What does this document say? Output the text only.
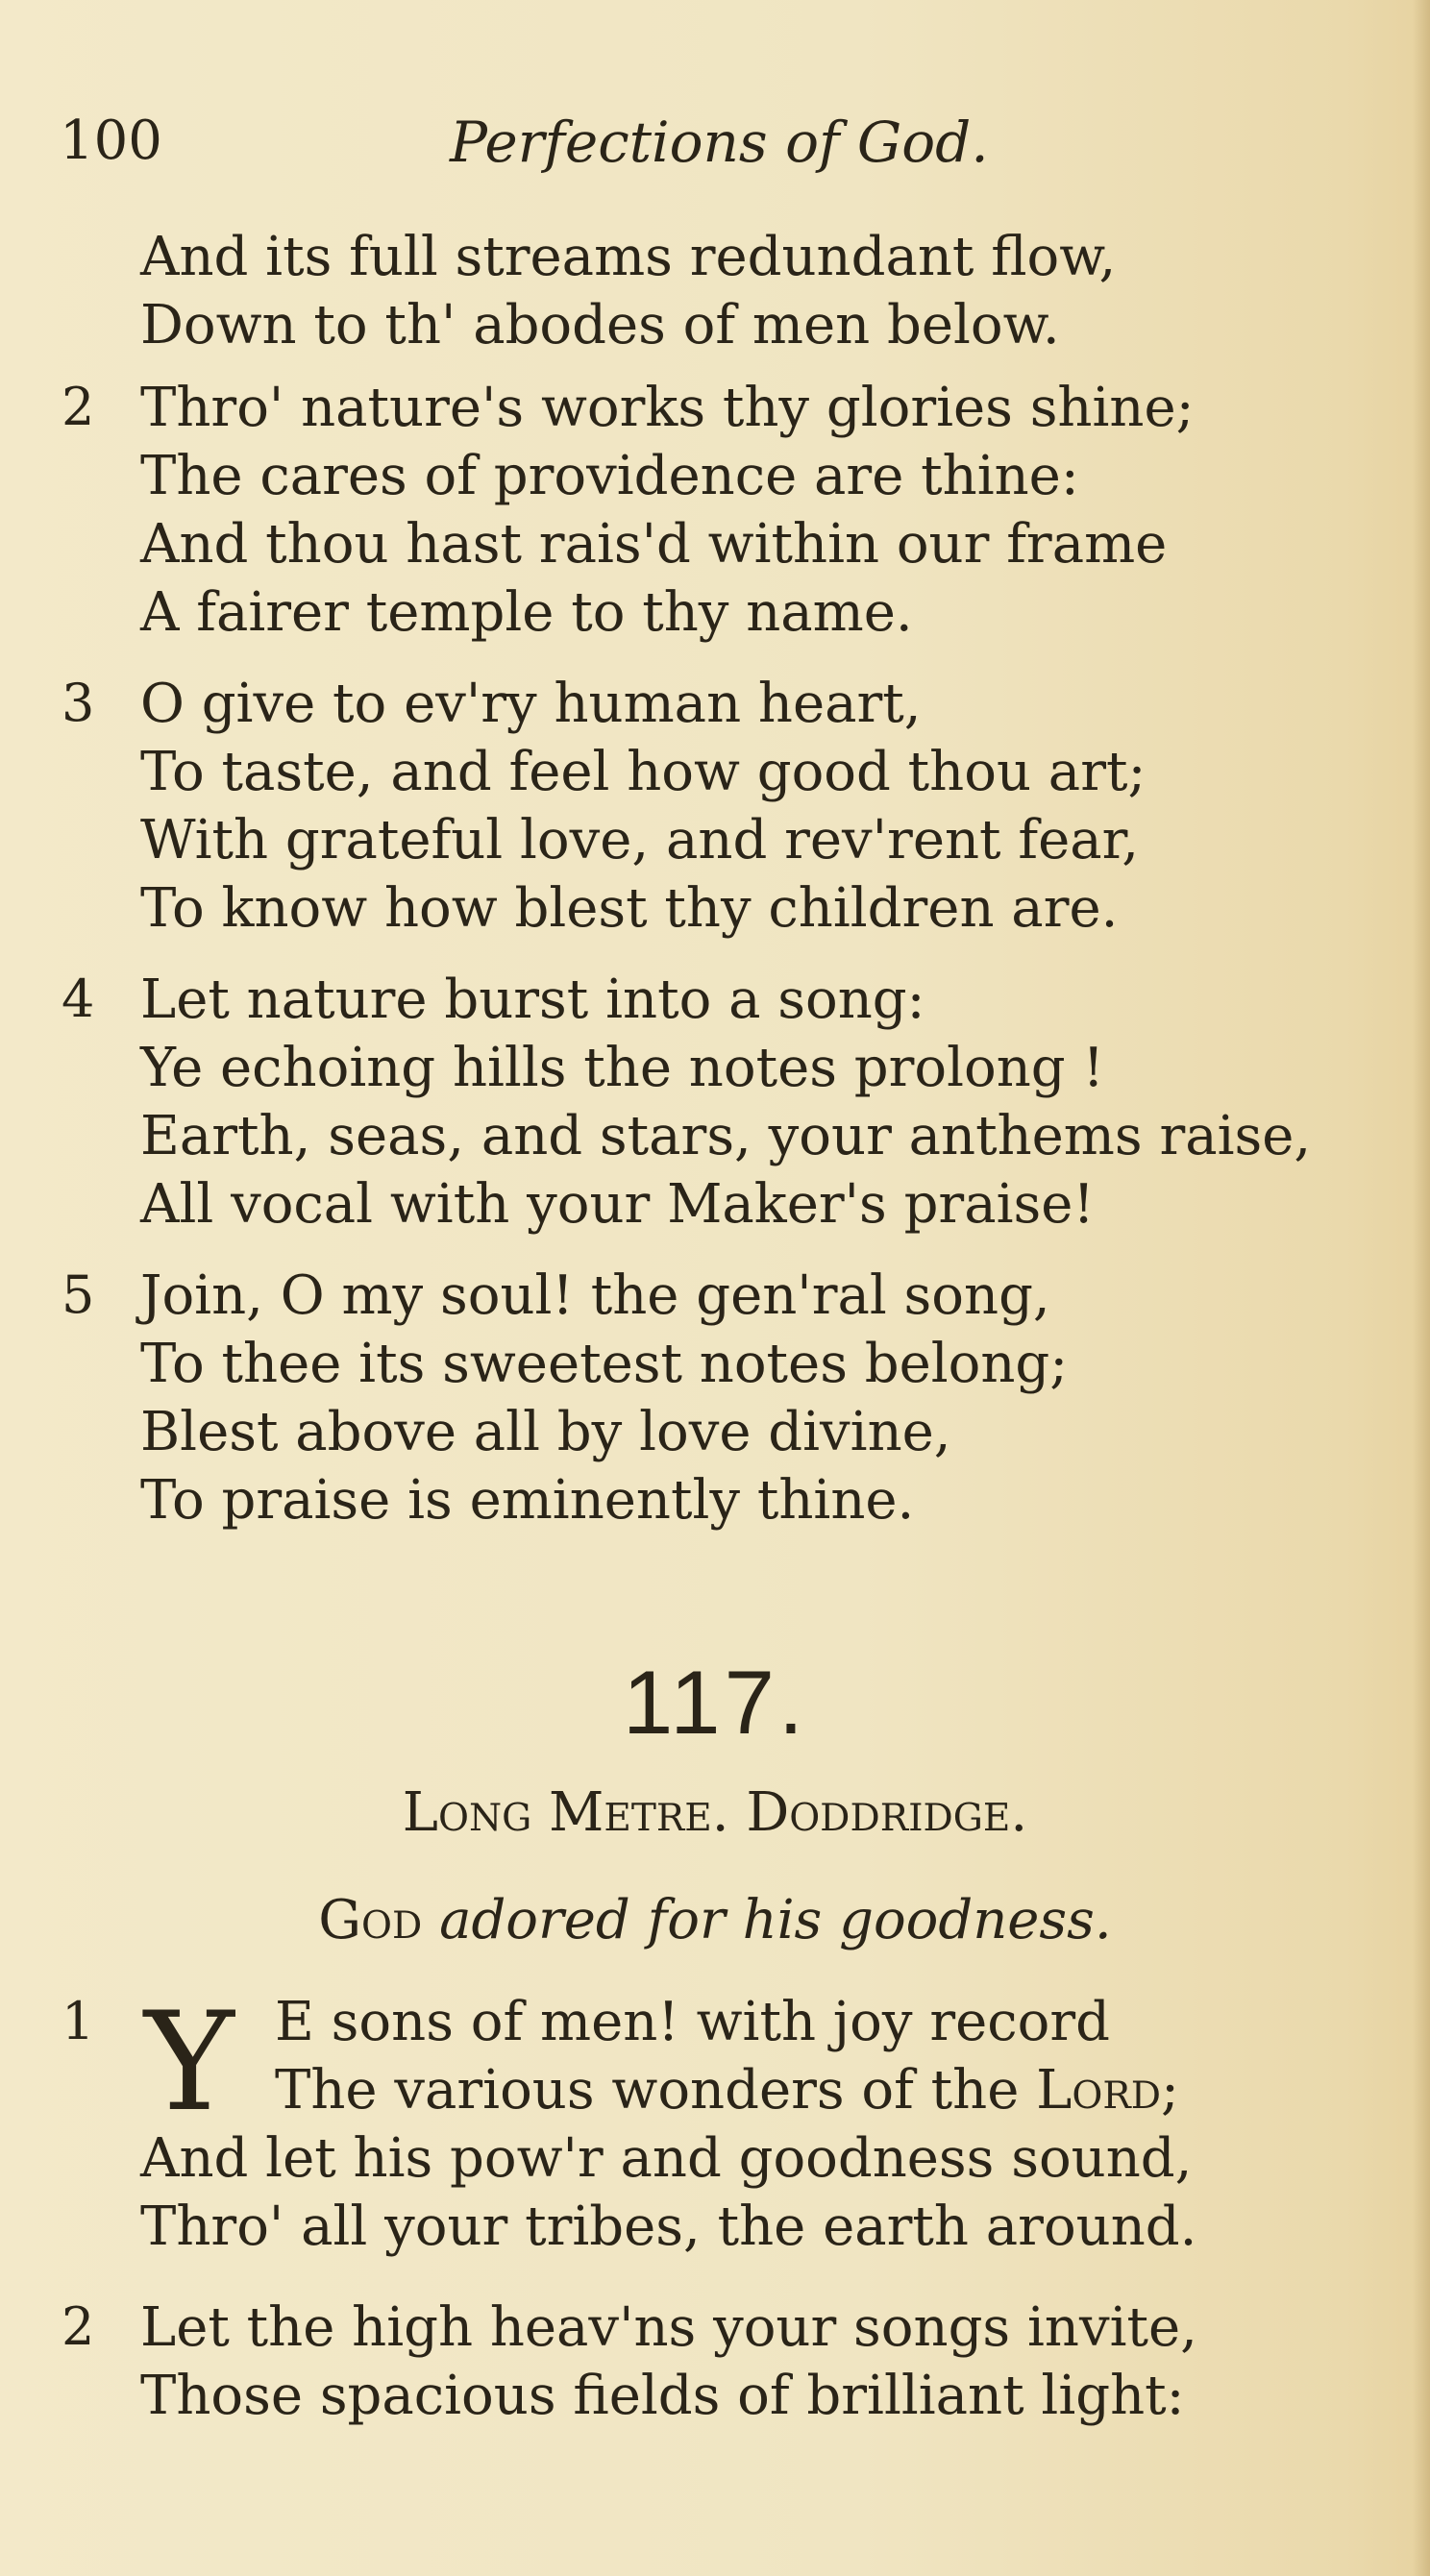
100	Perfections of God.
And its full streams redundant flow,
Down to th' abodes of men below.
2 Thro' nature's works thy glories shine;
The cares of providence are thine:
And thou hast rais'd within our frame
A fairer temple to thy name.
3 O give to ev'ry human heart,
To taste, and feel how good thou art;
With grateful love, and rev'rent fear,
To know how blest thy children are.
4 Let nature burst into a song:
Ye echoing hills the notes prolong !
Earth, seas, and stars, your anthems raise,
All vocal with your Maker's praise!
5 Join, O my soul! the gen'ral song,
To thee its sweetest notes belong;
Blest above all by love divine,
To praise is eminently thine.
117.
Long Metre. Doddridge.
God adored for his goodness.
1 Y E sons of men! with joy record
The various wonders of the Lord;
And let his pow'r and goodness sound,
Thro' all your tribes, the earth around.
2 Let the high heav'ns your songs invite,
Those spacious fields of brilliant light:
